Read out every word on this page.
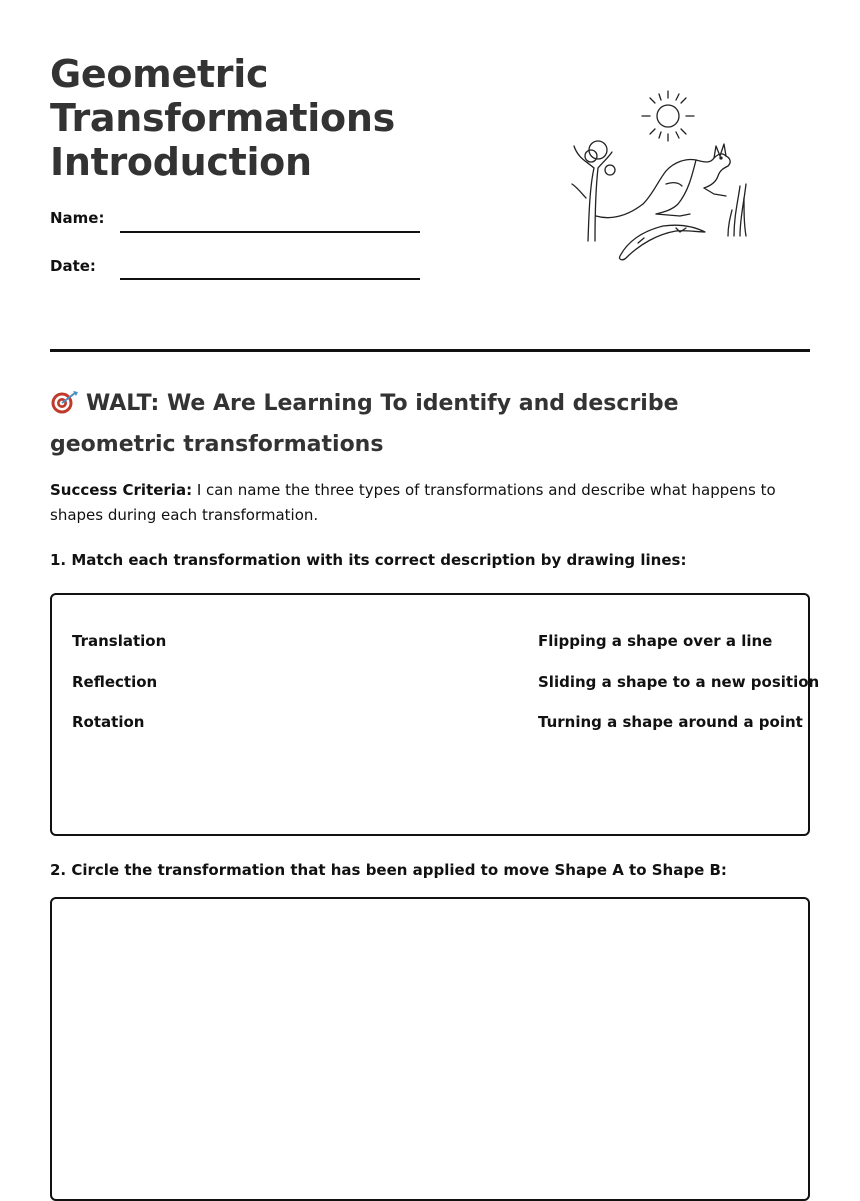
Geometric
Transformations
Introduction
Name:
Date:
WALT: We Are Learning To identify and describe geometric transformations

Success Criteria: I can name the three types of transformations and describe what happens to shapes during each transformation.

1. Match each transformation with its correct description by drawing lines:

Translation
Reflection
Rotation
Flipping a shape over a line
Sliding a shape to a new position
Turning a shape around a point

2. Circle the transformation that has been applied to move Shape A to Shape B:
